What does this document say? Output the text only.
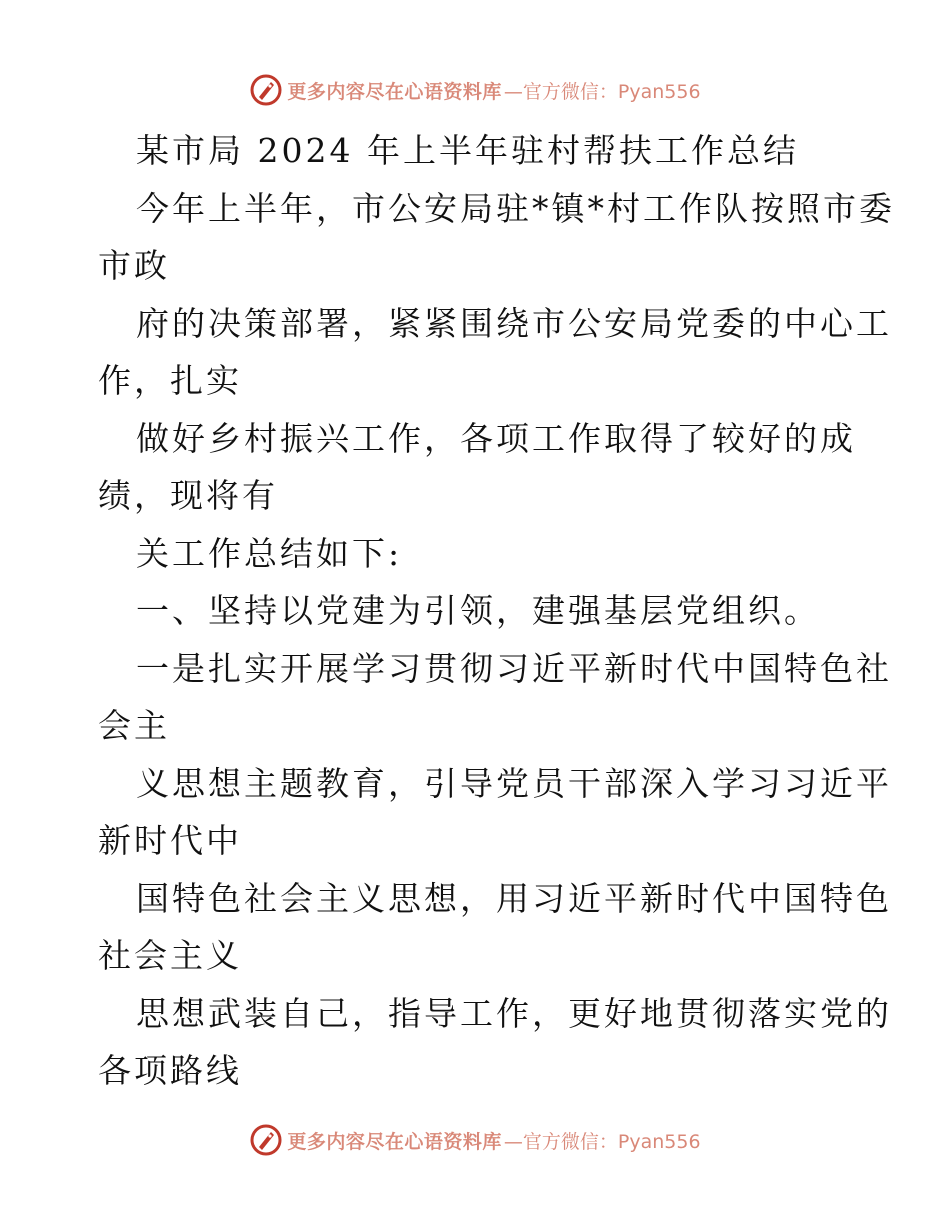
更多内容尽在心语资料库 —官方微信：Pyan556
某市局 2024 年上半年驻村帮扶工作总结
今年上半年，市公安局驻*镇*村工作队按照市委
市政
府的决策部署，紧紧围绕市公安局党委的中心工
作，扎实
做好乡村振兴工作，各项工作取得了较好的成
绩，现将有
关工作总结如下:
一、坚持以党建为引领，建强基层党组织。
一是扎实开展学习贯彻习近平新时代中国特色社
会主
义思想主题教育，引导党员干部深入学习习近平
新时代中
国特色社会主义思想，用习近平新时代中国特色
社会主义
思想武装自己，指导工作，更好地贯彻落实党的
各项路线
更多内容尽在心语资料库 —官方微信：Pyan556
